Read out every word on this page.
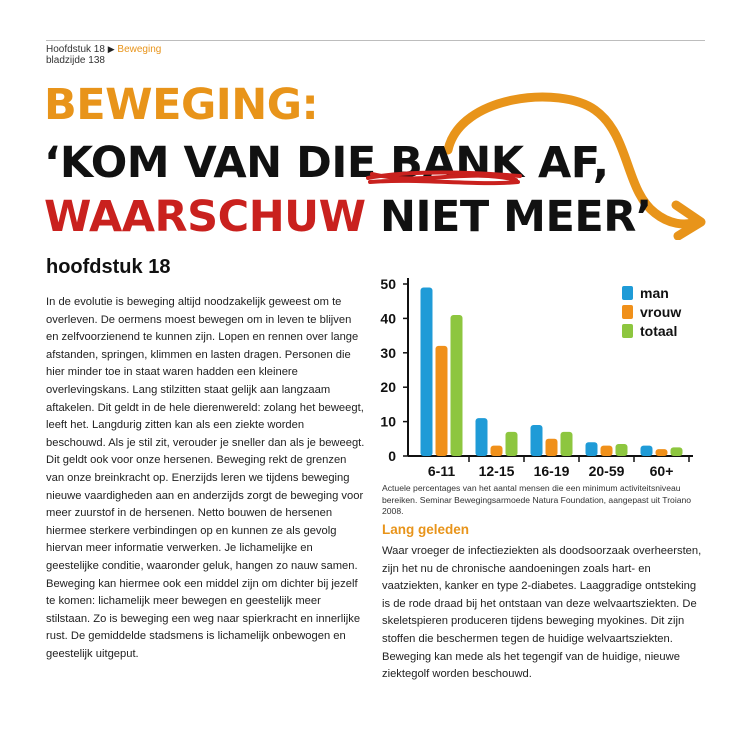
Hoofdstuk 18 ▶ Beweging
bladzijde 138
BEWEGING:
‘KOM VAN DIE BANK AF,
WAARSCHUW NIET MEER’
hoofdstuk 18
In de evolutie is beweging altijd noodzakelijk geweest om te overleven. De oermens moest bewegen om in leven te blijven en zelfvoorzienend te kunnen zijn. Lopen en rennen over lange afstanden, springen, klimmen en lasten dragen. Personen die hier minder toe in staat waren hadden een kleinere overlevingskans. Lang stilzitten staat gelijk aan langzaam aftakelen. Dit geldt in de hele dierenwereld: zolang het beweegt, leeft het. Langdurig zitten kan als een ziekte worden beschouwd. Als je stil zit, verouder je sneller dan als je beweegt. Dit geldt ook voor onze hersenen. Beweging rekt de grenzen van onze breinkracht op. Enerzijds leren we tijdens beweging nieuwe vaardigheden aan en anderzijds zorgt de beweging voor meer zuurstof in de hersenen. Netto bouwen de hersenen hiermee sterkere verbindingen op en kunnen ze als gevolg hiervan meer informatie verwerken. Je lichamelijke en geestelijke conditie, waaronder geluk, hangen zo nauw samen. Beweging kan hiermee ook een middel zijn om dichter bij jezelf te komen: lichamelijk meer bewegen en geestelijk meer stilstaan. Zo is beweging een weg naar spierkracht en innerlijke rust. De gemiddelde stadsmens is lichamelijk onbewogen en geestelijk uitgeput.
0
10
20
30
40
50
6-11 12-15 16-19 20-59 60+
man
vrouw
totaal
Actuele percentages van het aantal mensen die een minimum activiteitsniveau bereiken. Seminar Bewegingsarmoede Natura Foundation, aangepast uit Troiano 2008.
Lang geleden
Waar vroeger de infectieziekten als doodsoorzaak overheersten, zijn het nu de chronische aandoeningen zoals hart- en vaatziekten, kanker en type 2-diabetes. Laaggradige ontsteking is de rode draad bij het ontstaan van deze welvaartsziekten. De skeletspieren produceren tijdens beweging myokines. Dit zijn stoffen die beschermen tegen de huidige welvaartsziekten. Beweging kan mede als het tegengif van de huidige, nieuwe ziektegolf worden beschouwd.
